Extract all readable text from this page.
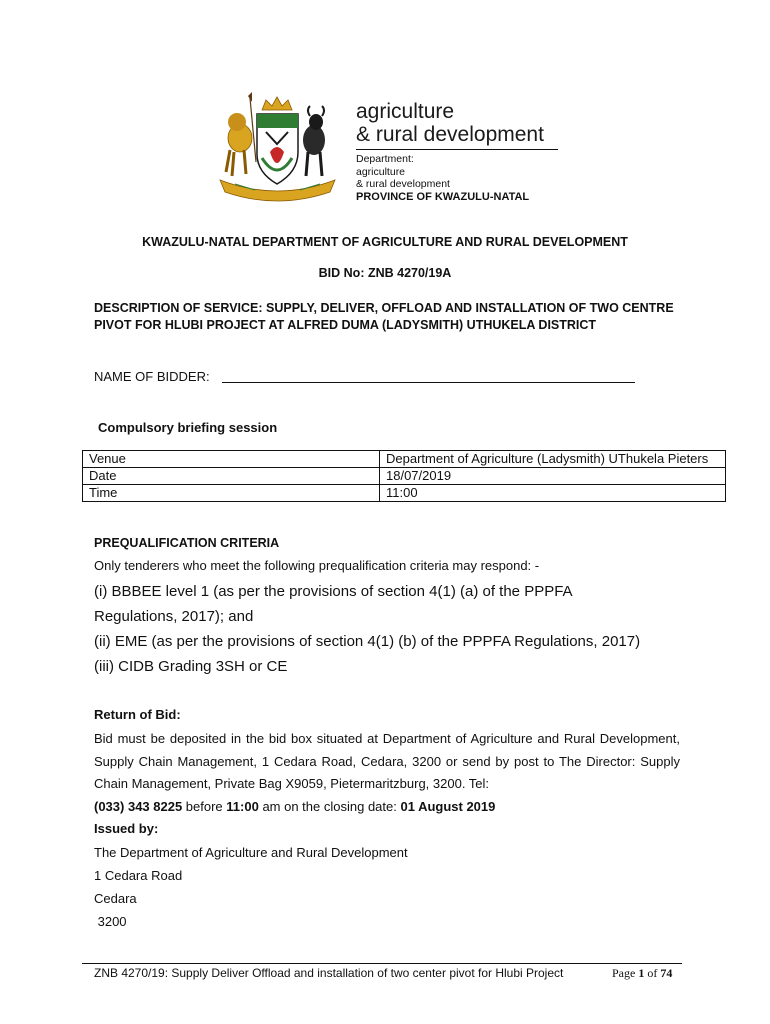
agriculture
& rural development
Department:
agriculture
& rural development
PROVINCE OF KWAZULU-NATAL
KWAZULU-NATAL DEPARTMENT OF AGRICULTURE AND RURAL DEVELOPMENT
BID No: ZNB 4270/19A
DESCRIPTION OF SERVICE: SUPPLY, DELIVER, OFFLOAD AND INSTALLATION OF TWO CENTRE PIVOT FOR HLUBI PROJECT AT ALFRED DUMA (LADYSMITH) UTHUKELA DISTRICT
NAME OF BIDDER:
Compulsory briefing session
Venue	Department of Agriculture (Ladysmith) UThukela Pieters
Date	18/07/2019
Time	11:00
PREQUALIFICATION CRITERIA
Only tenderers who meet the following prequalification criteria may respond: -
(i) BBBEE level 1 (as per the provisions of section 4(1) (a) of the PPPFA
Regulations, 2017); and
(ii) EME (as per the provisions of section 4(1) (b) of the PPPFA Regulations, 2017)
(iii) CIDB Grading 3SH or CE
Return of Bid:
Bid must be deposited in the bid box situated at Department of Agriculture and Rural Development, Supply Chain Management, 1 Cedara Road, Cedara, 3200 or send by post to The Director: Supply Chain Management, Private Bag X9059, Pietermaritzburg, 3200. Tel:
(033) 343 8225 before 11:00 am on the closing date: 01 August 2019
Issued by:
The Department of Agriculture and Rural Development
1 Cedara Road
Cedara
3200
ZNB 4270/19: Supply Deliver Offload and installation of two center pivot for Hlubi Project	Page 1 of 74
